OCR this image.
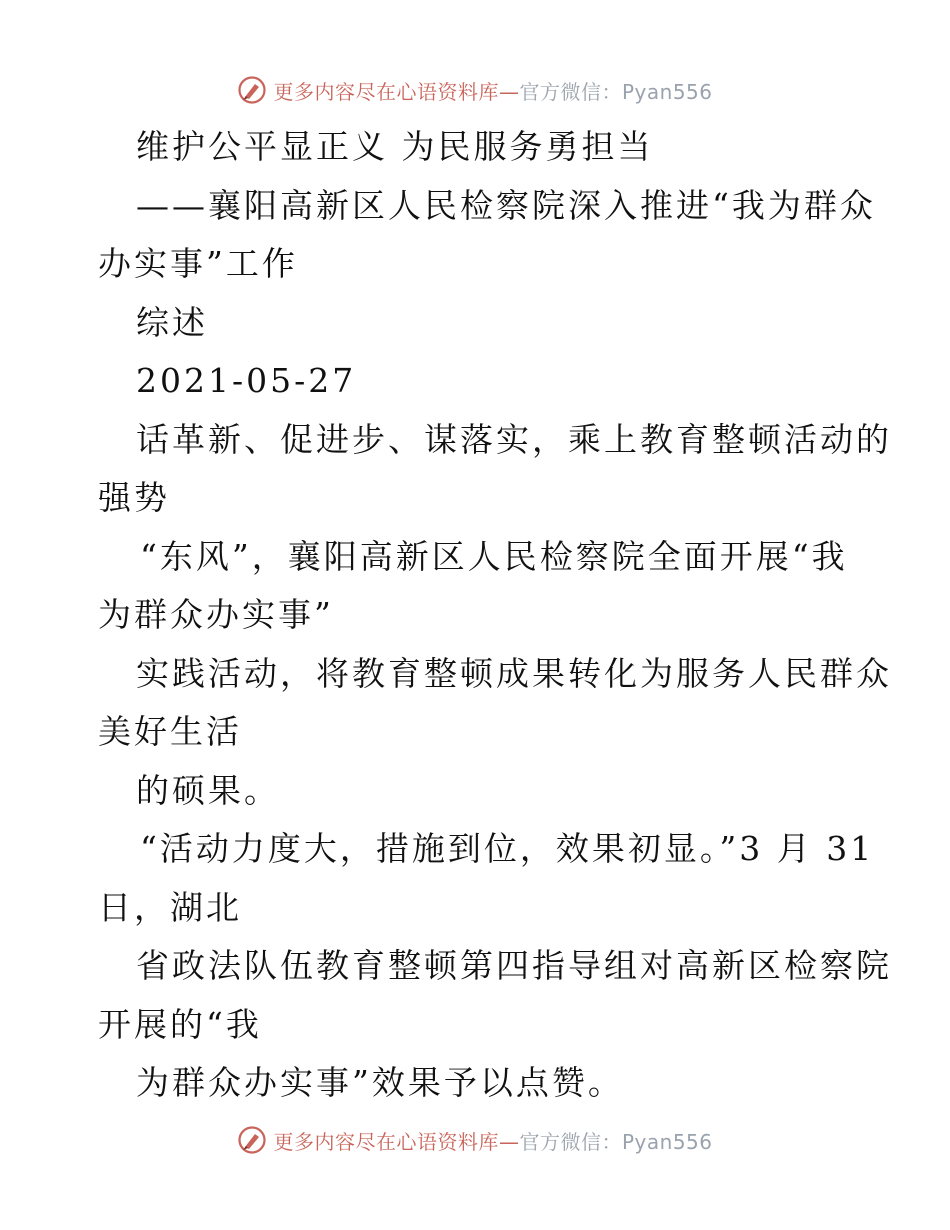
更多内容尽在心语资料库—官方微信：Pyan556
维护公平显正义 为民服务勇担当
——襄阳高新区人民检察院深入推进“我为群众
办实事”工作
综述
2021-05-27
话革新、促进步、谋落实，乘上教育整顿活动的
强势
“东风”，襄阳高新区人民检察院全面开展“我
为群众办实事”
实践活动，将教育整顿成果转化为服务人民群众
美好生活
的硕果。
“活动力度大，措施到位，效果初显。”3 月 31
日，湖北
省政法队伍教育整顿第四指导组对高新区检察院
开展的“我
为群众办实事”效果予以点赞。
更多内容尽在心语资料库—官方微信：Pyan556
